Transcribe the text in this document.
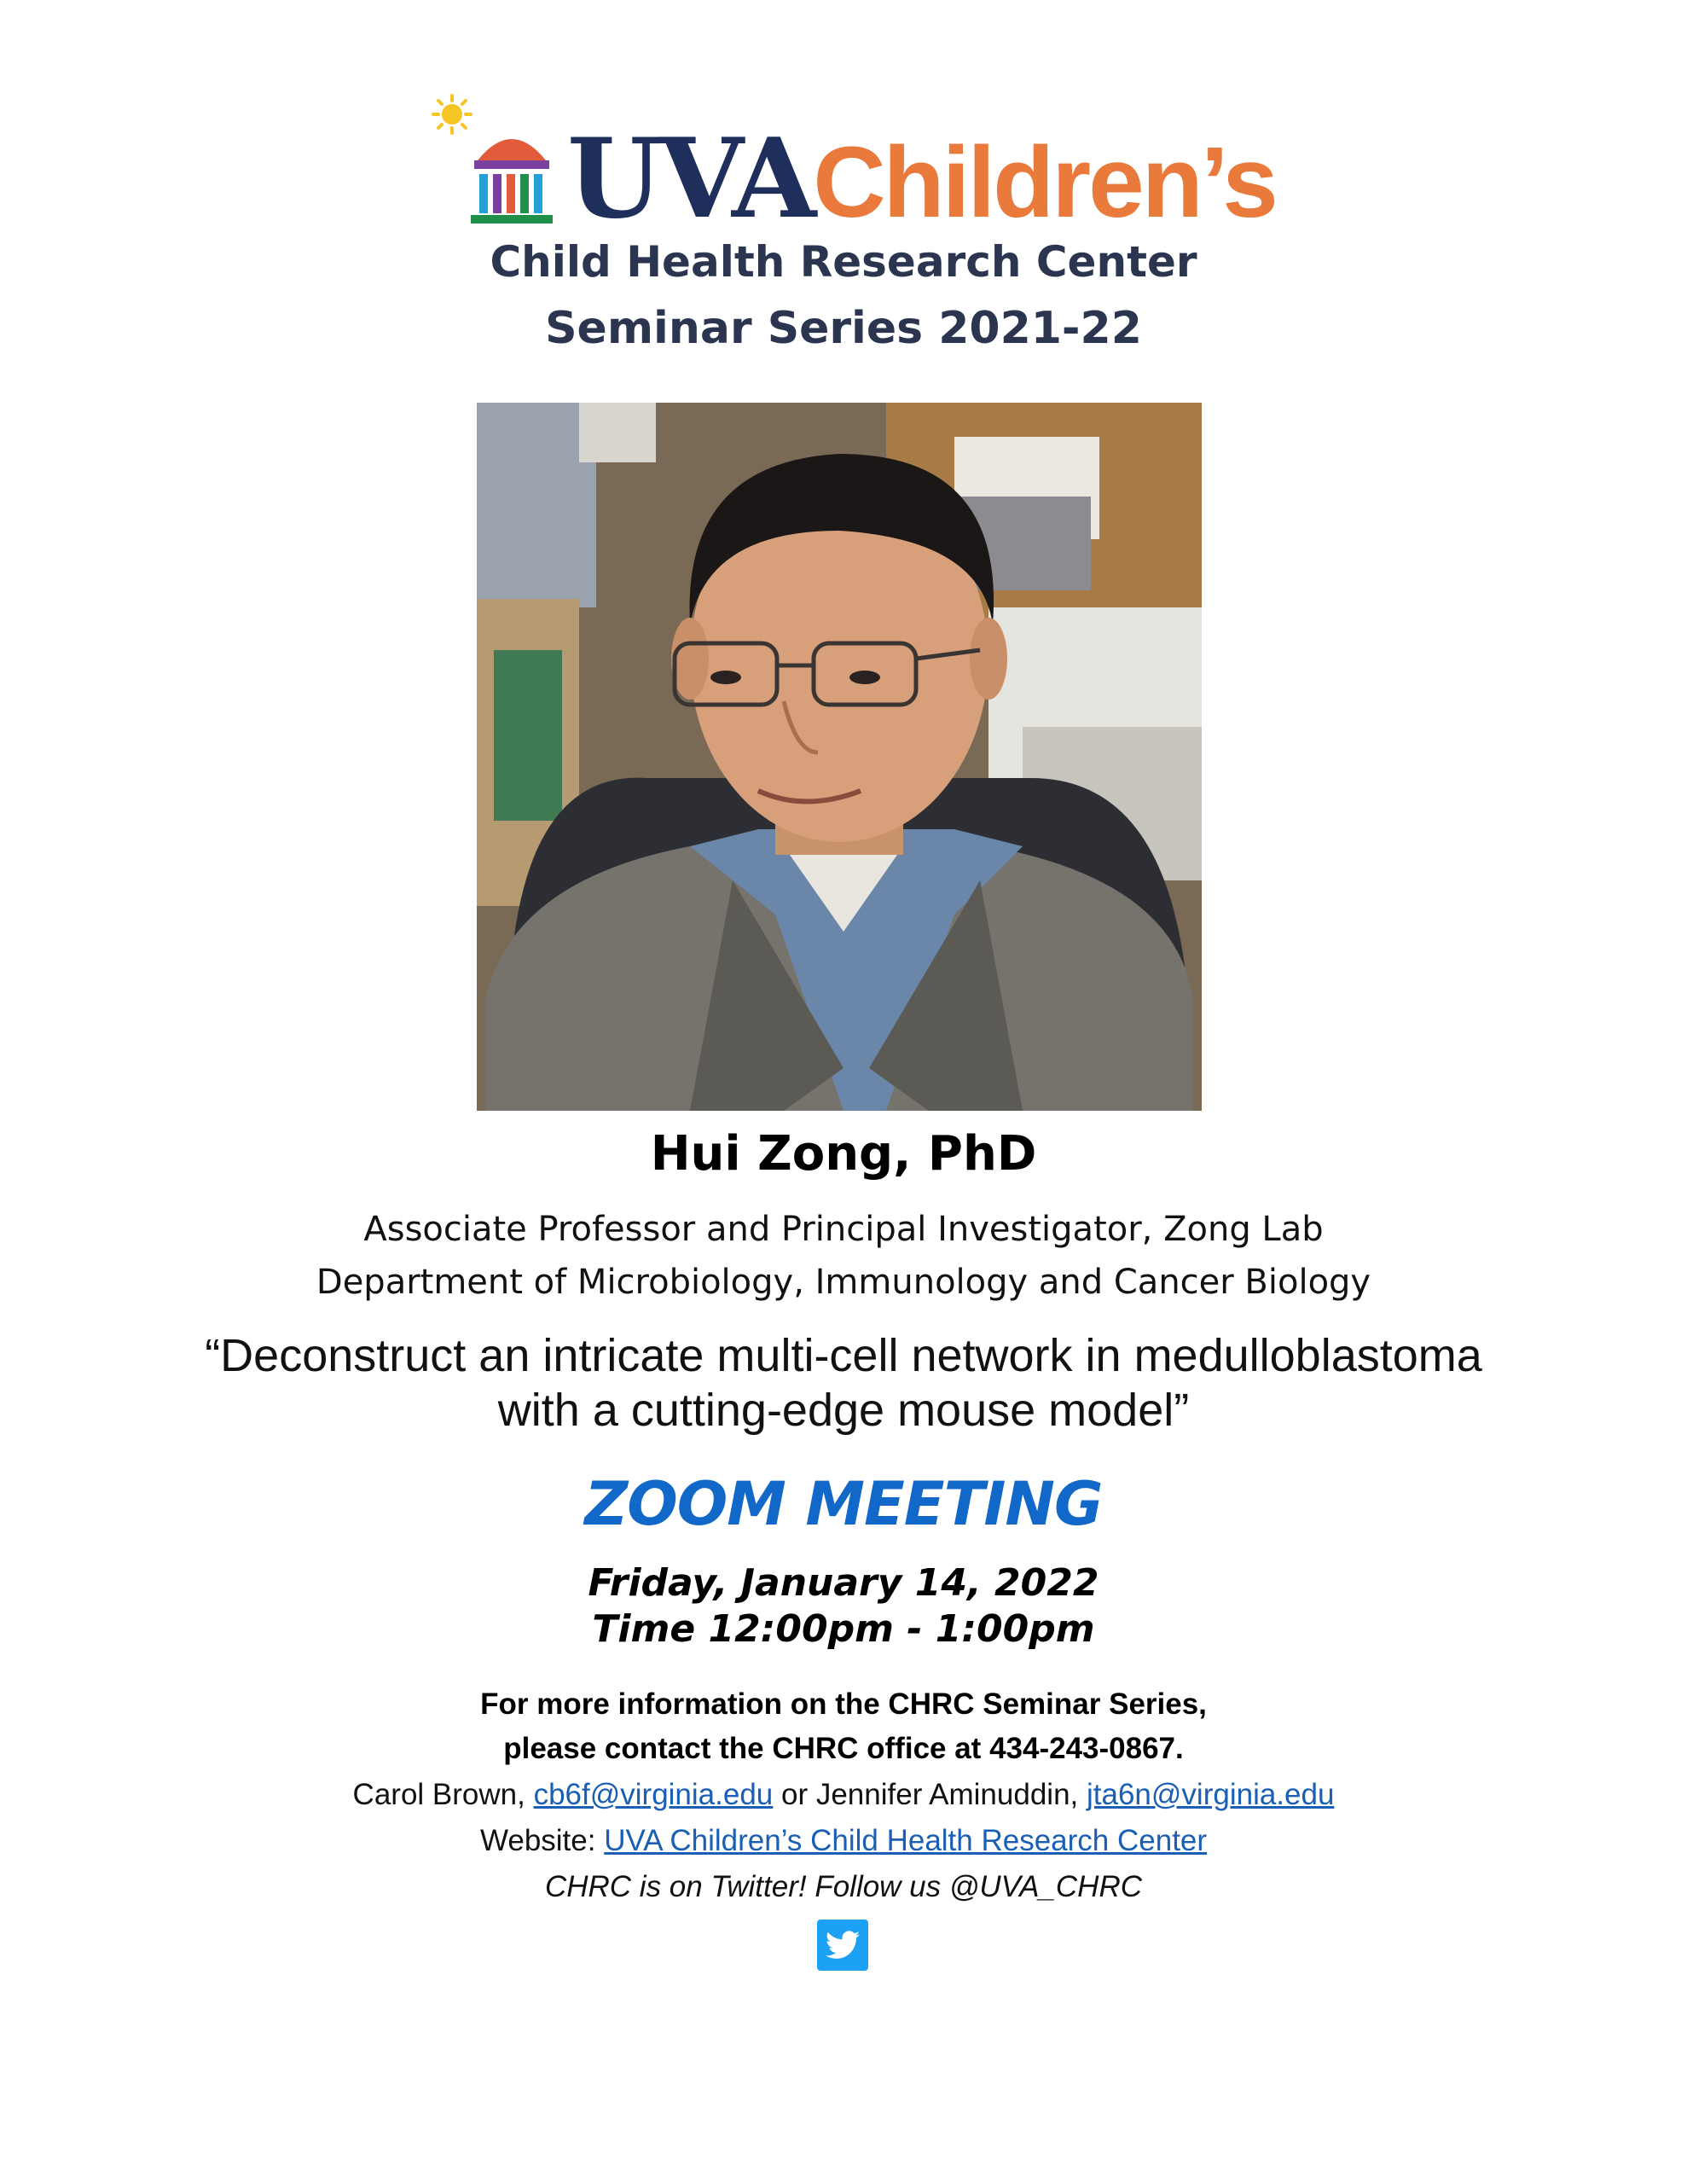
UVAChildren’s
Child Health Research Center
Seminar Series 2021-22
Hui Zong, PhD
Associate Professor and Principal Investigator, Zong Lab
Department of Microbiology, Immunology and Cancer Biology
“Deconstruct an intricate multi-cell network in medulloblastoma
with a cutting-edge mouse model”
ZOOM MEETING
Friday, January 14, 2022
Time 12:00pm - 1:00pm
For more information on the CHRC Seminar Series,
please contact the CHRC office at 434-243-0867.
Carol Brown, cb6f@virginia.edu or Jennifer Aminuddin, jta6n@virginia.edu
Website: UVA Children’s Child Health Research Center
CHRC is on Twitter! Follow us @UVA_CHRC
